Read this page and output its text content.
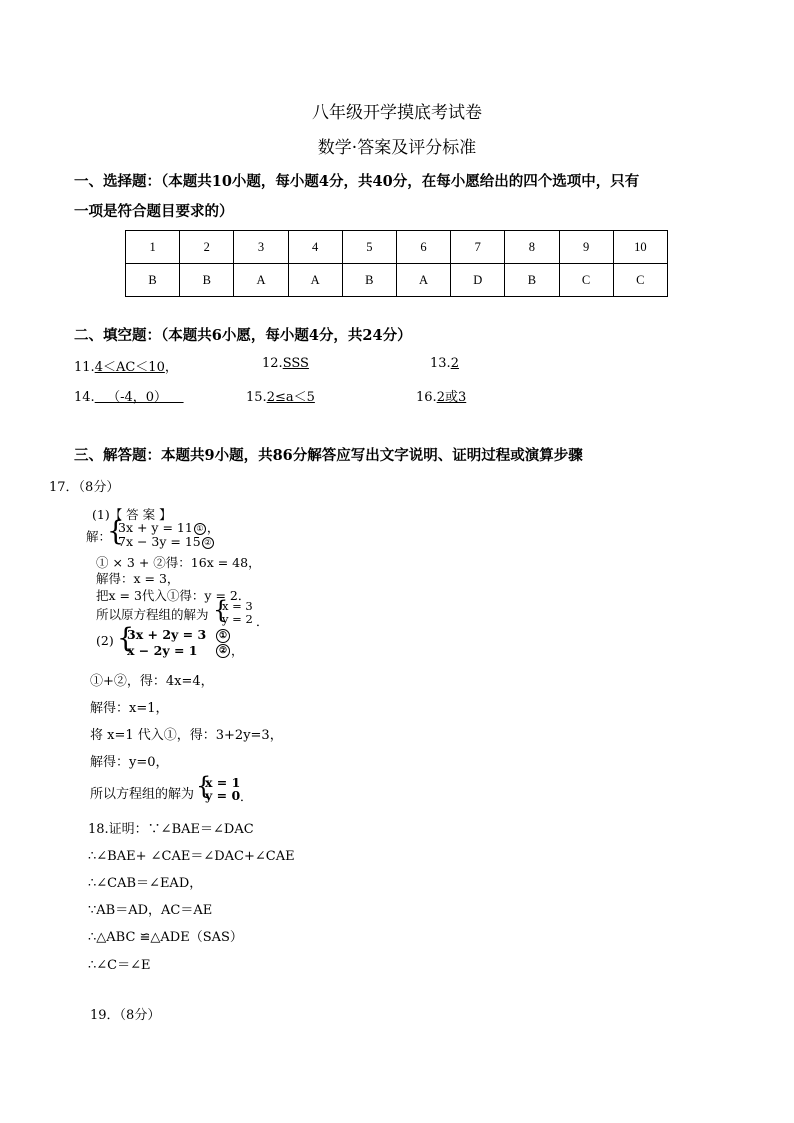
八年级开学摸底考试卷
数学·答案及评分标准
一、选择题：（本题共10小题，每小题4分，共40分，在每小愿给出的四个选项中，只有
一项是符合题目要求的）
1	2	3	4	5	6	7	8	9	10
B	B	A	A	B	A	D	B	C	C
二、填空题：（本题共6小愿，每小题4分，共24分）
11.4＜AC＜10，	12.SSS	13.2
14.   （-4，0）	15.2≤a＜5	16.2或3
三、解答题：本题共9小题，共86分解答应写出文字说明、证明过程或演算步骤
17．（8分）
(1)【 答 案 】
解：
{
3x + y = 11 ① ，
7x − 3y = 15 ②
① × 3 + ②得：16x = 48，
解得：x = 3，
把x = 3代入①得：y = 2．
所以原方程组的解为 {
x = 3
y = 2 ．
(2) {
3x + 2y = 3 ①
x − 2y = 1 ② ，
①+②，得：4x=4，
解得：x=1，
将 x=1 代入①，得：3+2y=3，
解得：y=0，
所以方程组的解为 {
x = 1
y = 0 ．
18.证明：∵∠BAE＝∠DAC
∴∠BAE+ ∠CAE＝∠DAC+∠CAE
∴∠CAB＝∠EAD，
∵AB＝AD，AC＝AE
∴△ABC ≌△ADE（SAS）
∴∠C＝∠E
19．（8分）
